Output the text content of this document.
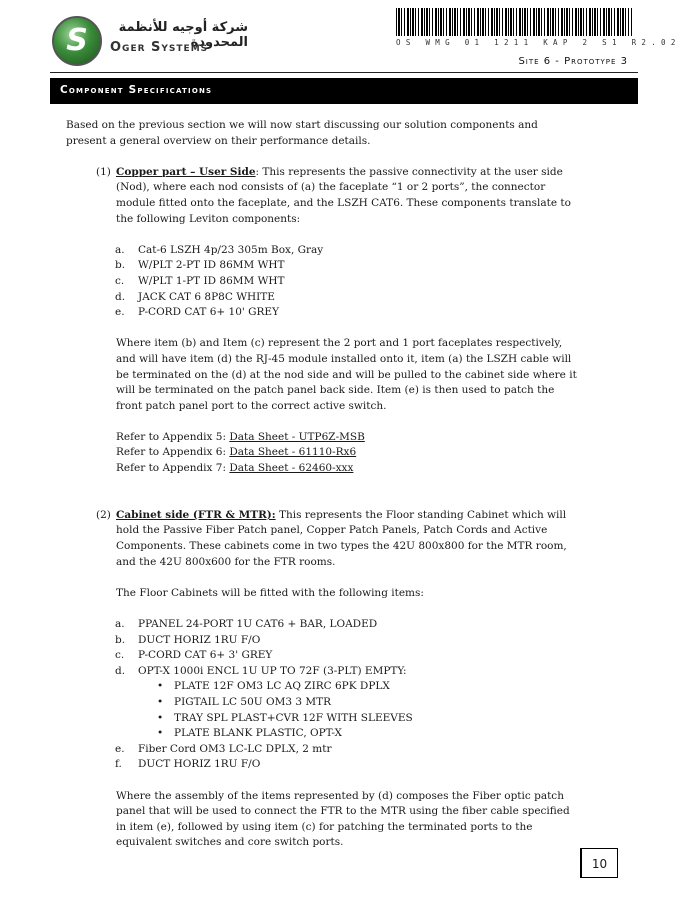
S	شركة أوجيه للأنظمة المحدودة
Oger Systems	OS WMG 01 1211 KAP 2 S1 R2.02
Site 6 - Prototype 3
Component Specifications

Based on the previous section we will now start discussing our solution components and present a general overview on their performance details.

(1) Copper part – User Side: This represents the passive connectivity at the user side (Nod), where each nod consists of (a) the faceplate “1 or 2 ports”, the connector module fitted onto the faceplate, and the LSZH CAT6. These components translate to the following Leviton components:

a. Cat-6 LSZH 4p/23 305m Box, Gray
b. W/PLT 2-PT ID 86MM WHT
c. W/PLT 1-PT ID 86MM WHT
d. JACK CAT 6 8P8C WHITE
e. P-CORD CAT 6+ 10' GREY

Where item (b) and Item (c) represent the 2 port and 1 port faceplates respectively, and will have item (d) the RJ-45 module installed onto it, item (a) the LSZH cable will be terminated on the (d) at the nod side and will be pulled to the cabinet side where it will be terminated on the patch panel back side. Item (e) is then used to patch the front patch panel port to the correct active switch.

Refer to Appendix 5: Data Sheet - UTP6Z-MSB

Refer to Appendix 6: Data Sheet - 61110-Rx6

Refer to Appendix 7: Data Sheet - 62460-xxx

(2) Cabinet side (FTR & MTR): This represents the Floor standing Cabinet which will hold the Passive Fiber Patch panel, Copper Patch Panels, Patch Cords and Active Components. These cabinets come in two types the 42U 800x800 for the MTR room, and the 42U 800x600 for the FTR rooms.

The Floor Cabinets will be fitted with the following items:

a. PPANEL 24-PORT 1U CAT6 + BAR, LOADED
b. DUCT HORIZ 1RU F/O
c. P-CORD CAT 6+ 3' GREY
d. OPT-X 1000i ENCL 1U UP TO 72F (3-PLT) EMPTY:
• PLATE 12F OM3 LC AQ ZIRC 6PK DPLX
• PIGTAIL LC 50U OM3 3 MTR
• TRAY SPL PLAST+CVR 12F WITH SLEEVES
• PLATE BLANK PLASTIC, OPT-X
e. Fiber Cord OM3 LC-LC DPLX, 2 mtr
f. DUCT HORIZ 1RU F/O

Where the assembly of the items represented by (d) composes the Fiber optic patch panel that will be used to connect the FTR to the MTR using the fiber cable specified in item (e), followed by using item (c) for patching the terminated ports to the equivalent switches and core switch ports.

10
